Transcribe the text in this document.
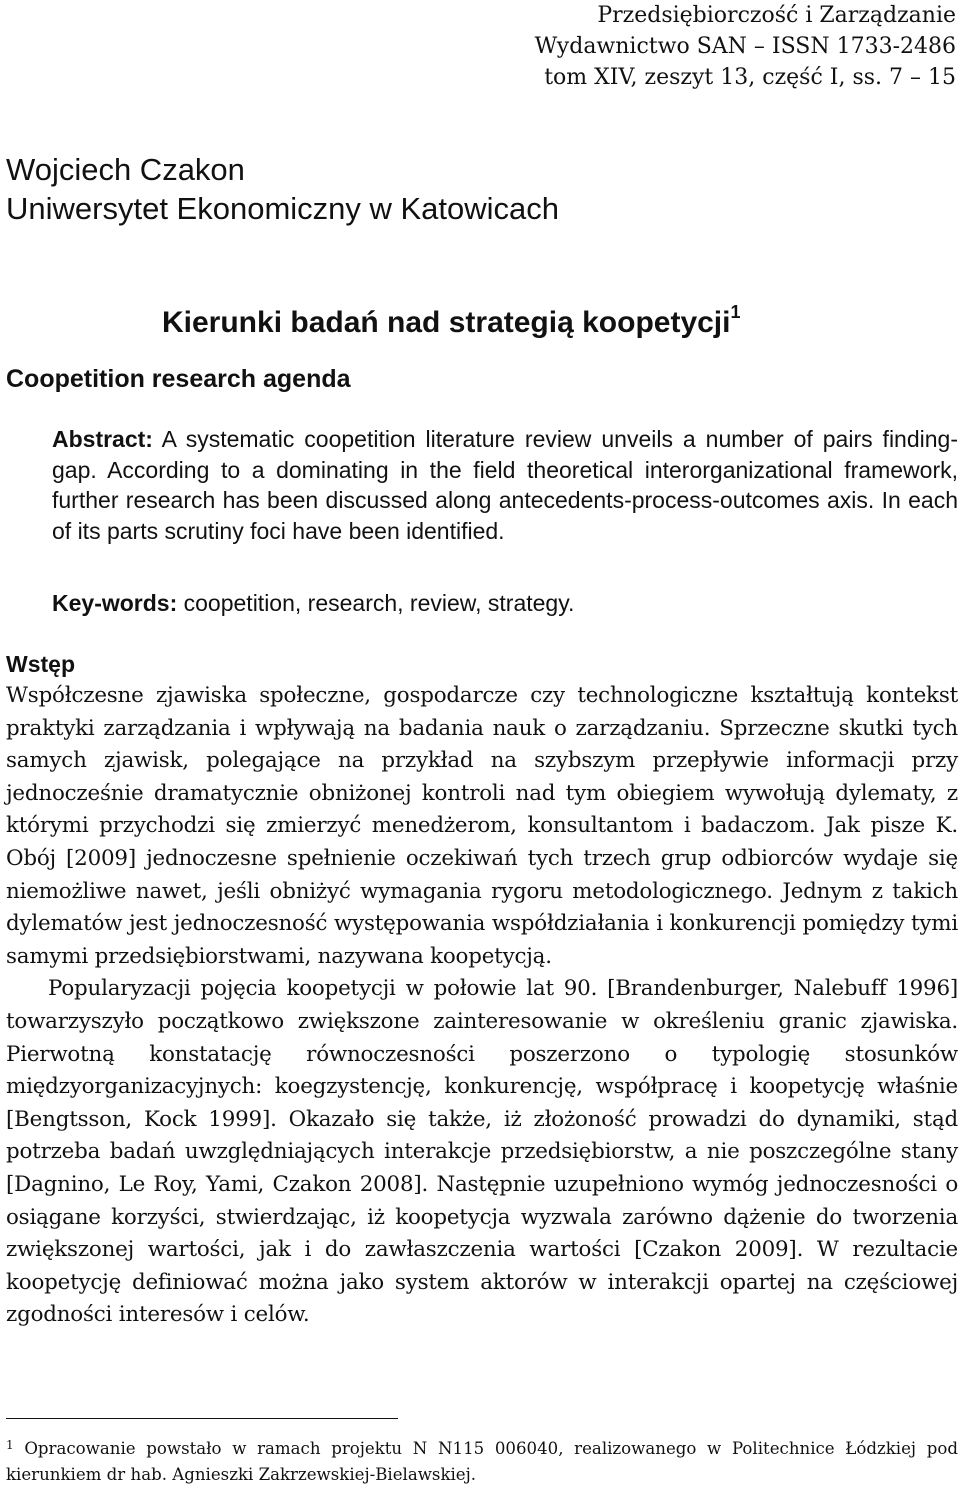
Przedsiębiorczość i Zarządzanie
Wydawnictwo SAN – ISSN 1733-2486
tom XIV, zeszyt 13, część I, ss. 7 – 15
Wojciech Czakon
Uniwersytet Ekonomiczny w Katowicach
Kierunki badań nad strategią koopetycji$^1$
Coopetition research agenda
Abstract: A systematic coopetition literature review unveils a number of pairs finding-gap. According to a dominating in the field theoretical interorganizational framework, further research has been discussed along antecedents-process-outcomes axis. In each of its parts scrutiny foci have been identified.
Key-words: coopetition, research, review, strategy.
Wstęp

Współczesne zjawiska społeczne, gospodarcze czy technologiczne kształtują kontekst praktyki zarządzania i wpływają na badania nauk o zarządzaniu. Sprzeczne skutki tych samych zjawisk, polegające na przykład na szybszym przepływie informacji przy jednocześnie dramatycznie obniżonej kontroli nad tym obiegiem wywołują dylematy, z którymi przychodzi się zmierzyć menedżerom, konsultantom i badaczom. Jak pisze K. Obój [2009] jednoczesne spełnienie oczekiwań tych trzech grup odbiorców wydaje się niemożliwe nawet, jeśli obniżyć wymagania rygoru metodologicznego. Jednym z takich dylematów jest jednoczesność występowania współdziałania i konkurencji pomiędzy tymi samymi przedsiębiorstwami, nazywana koopetycją.

Popularyzacji pojęcia koopetycji w połowie lat 90. [Brandenburger, Nalebuff 1996] towarzyszyło początkowo zwiększone zainteresowanie w określeniu granic zjawiska. Pierwotną konstatację równoczesności poszerzono o typologię stosunków międzyorganizacyjnych: koegzystencję, konkurencję, współpracę i koopetycję właśnie [Bengtsson, Kock 1999]. Okazało się także, iż złożoność prowadzi do dynamiki, stąd potrzeba badań uwzględniających interakcje przedsiębiorstw, a nie poszczególne stany [Dagnino, Le Roy, Yami, Czakon 2008]. Następnie uzupełniono wymóg jednoczesności o osiągane korzyści, stwierdzając, iż koopetycja wyzwala zarówno dążenie do tworzenia zwiększonej wartości, jak i do zawłaszczenia wartości [Czakon 2009]. W rezultacie koopetycję definiować można jako system aktorów w interakcji opartej na częściowej zgodności interesów i celów.

$^1$ Opracowanie powstało w ramach projektu N N115 006040, realizowanego w Politechnice Łódzkiej pod kierunkiem dr hab. Agnieszki Zakrzewskiej-Bielawskiej.
